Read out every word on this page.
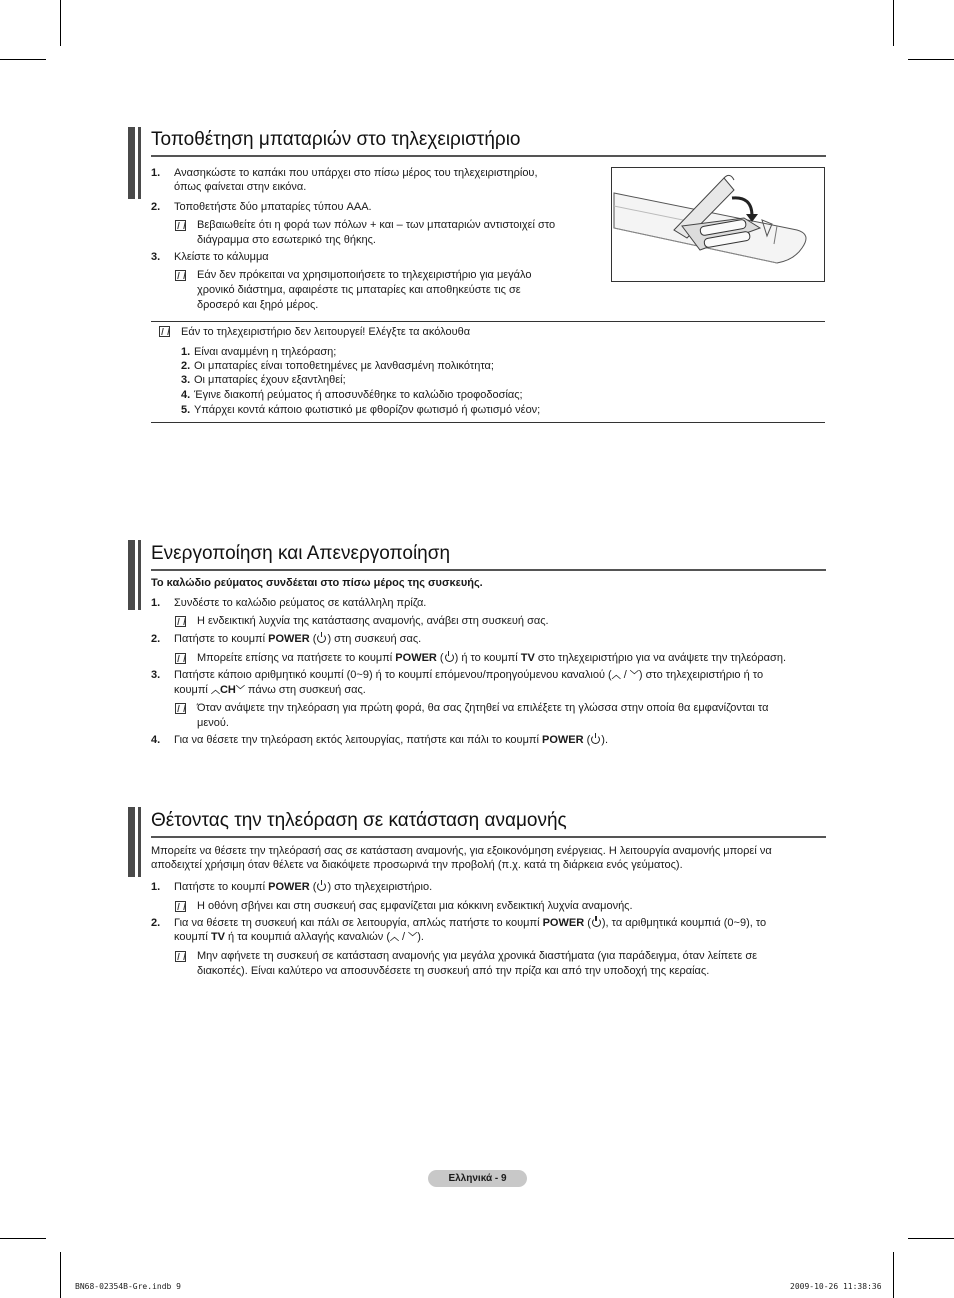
Τοποθέτηση μπαταριών στο τηλεχειριστήριο
1. Ανασηκώστε το καπάκι που υπάρχει στο πίσω μέρος του τηλεχειριστηρίου,
όπως φαίνεται στην εικόνα.
2. Τοποθετήστε δύο μπαταρίες τύπου AAA.
Βεβαιωθείτε ότι η φορά των πόλων + και – των μπαταριών αντιστοιχεί στο
διάγραμμα στο εσωτερικό της θήκης.
3. Κλείστε το κάλυμμα
Εάν δεν πρόκειται να χρησιμοποιήσετε το τηλεχειριστήριο για μεγάλο
χρονικό διάστημα, αφαιρέστε τις μπαταρίες και αποθηκεύστε τις σε
δροσερό και ξηρό μέρος.
Εάν το τηλεχειριστήριο δεν λειτουργεί! Ελέγξτε τα ακόλουθα
1. Είναι αναμμένη η τηλεόραση;
2. Οι μπαταρίες είναι τοποθετημένες με λανθασμένη πολικότητα;
3. Οι μπαταρίες έχουν εξαντληθεί;
4. Έγινε διακοπή ρεύματος ή αποσυνδέθηκε το καλώδιο τροφοδοσίας;
5. Υπάρχει κοντά κάποιο φωτιστικό με φθορίζον φωτισμό ή φωτισμό νέον;
Ενεργοποίηση και Απενεργοποίηση
Το καλώδιο ρεύματος συνδέεται στο πίσω μέρος της συσκευής.
1. Συνδέστε το καλώδιο ρεύματος σε κατάλληλη πρίζα.
Η ενδεικτική λυχνία της κατάστασης αναμονής, ανάβει στη συσκευή σας.
2. Πατήστε το κουμπί POWER ( ) στη συσκευή σας.
Μπορείτε επίσης να πατήσετε το κουμπί POWER ( ) ή το κουμπί TV στο τηλεχειριστήριο για να ανάψετε την τηλεόραση.
3. Πατήστε κάποιο αριθμητικό κουμπί (0~9) ή το κουμπί επόμενου/προηγούμενου καναλιού (︿ / ﹀) στο τηλεχειριστήριο ή το
κουμπί ︿CH﹀ πάνω στη συσκευή σας.
Όταν ανάψετε την τηλεόραση για πρώτη φορά, θα σας ζητηθεί να επιλέξετε τη γλώσσα στην οποία θα εμφανίζονται τα
μενού.
4. Για να θέσετε την τηλεόραση εκτός λειτουργίας, πατήστε και πάλι το κουμπί POWER ( ).
Θέτοντας την τηλεόραση σε κατάσταση αναμονής
Μπορείτε να θέσετε την τηλεόρασή σας σε κατάσταση αναμονής, για εξοικονόμηση ενέργειας. Η λειτουργία αναμονής μπορεί να
αποδειχτεί χρήσιμη όταν θέλετε να διακόψετε προσωρινά την προβολή (π.χ. κατά τη διάρκεια ενός γεύματος).
1. Πατήστε το κουμπί POWER ( ) στο τηλεχειριστήριο.
Η οθόνη σβήνει και στη συσκευή σας εμφανίζεται μια κόκκινη ενδεικτική λυχνία αναμονής.
2. Για να θέσετε τη συσκευή και πάλι σε λειτουργία, απλώς πατήστε το κουμπί POWER ( ), τα αριθμητικά κουμπιά (0~9), το
κουμπί TV ή τα κουμπιά αλλαγής καναλιών (︿ / ﹀).
Μην αφήνετε τη συσκευή σε κατάσταση αναμονής για μεγάλα χρονικά διαστήματα (για παράδειγμα, όταν λείπετε σε
διακοπές). Είναι καλύτερο να αποσυνδέσετε τη συσκευή από την πρίζα και από την υποδοχή της κεραίας.
Ελληνικά - 9
BN68-02354B-Gre.indb 9	2009-10-26 11:38:36
